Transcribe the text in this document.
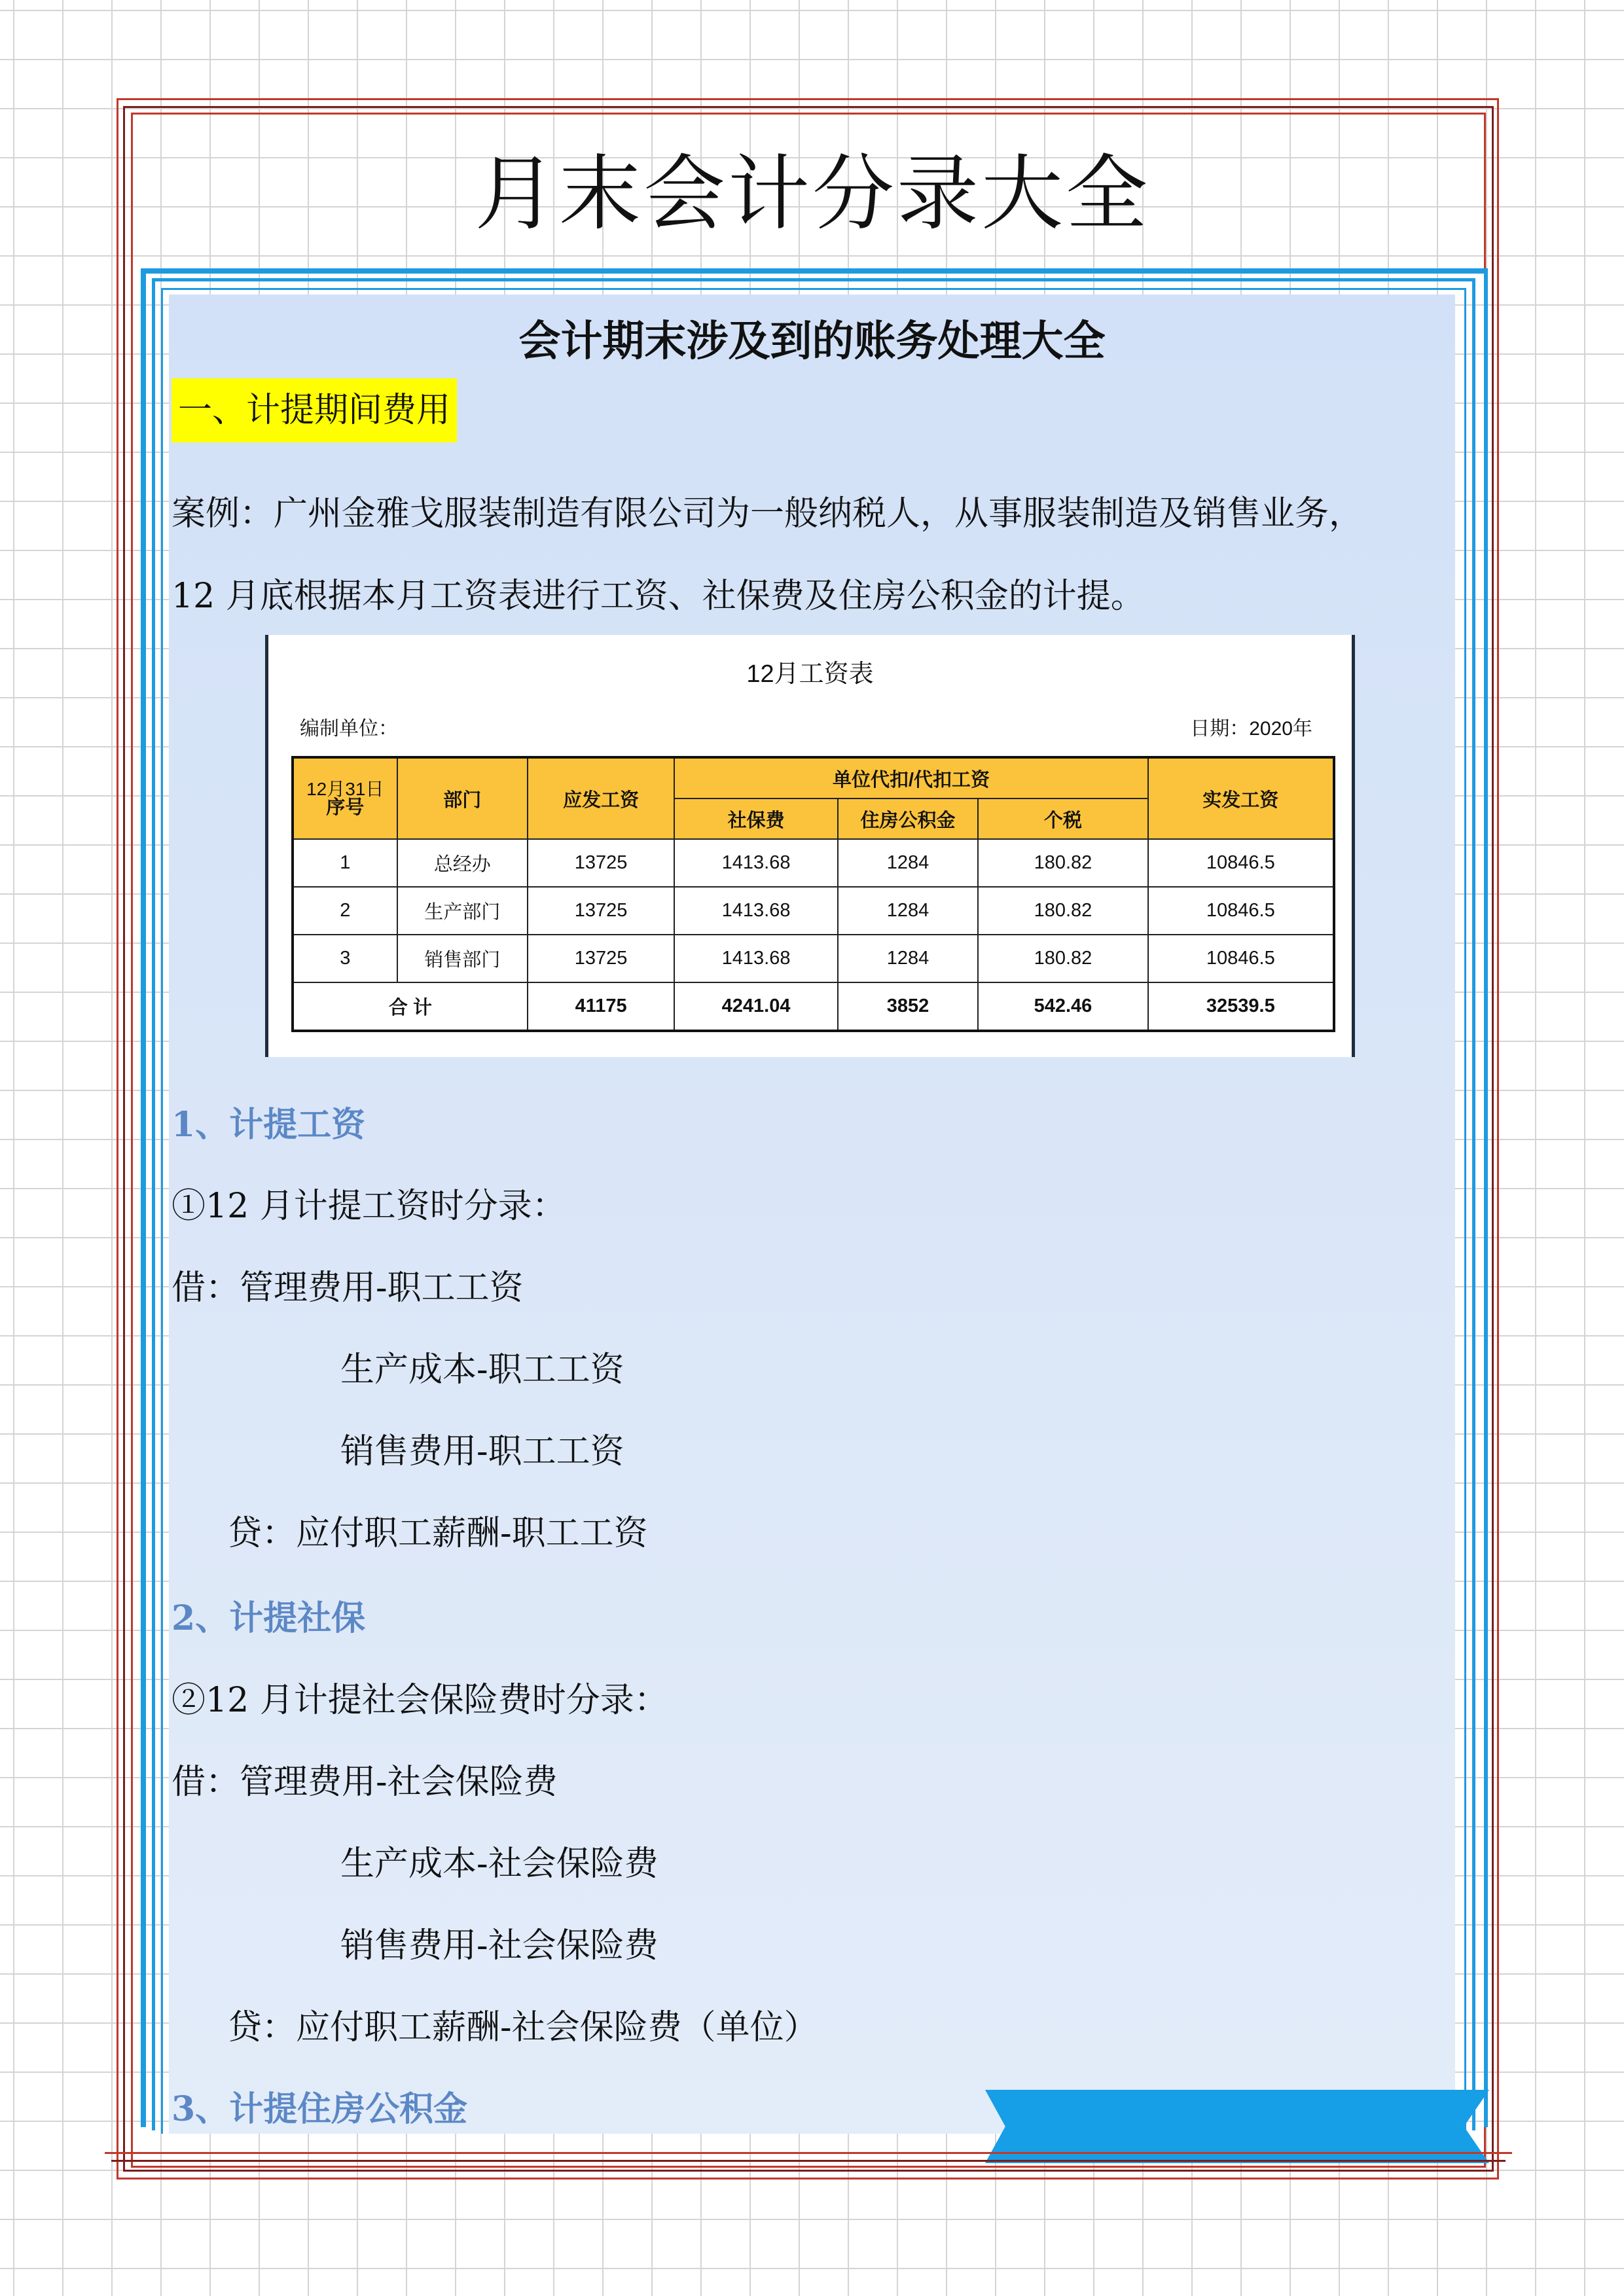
月末会计分录大全
会计期末涉及到的账务处理大全
一、计提期间费用
案例：广州金雅戈服装制造有限公司为一般纳税人，从事服装制造及销售业务，
12 月底根据本月工资表进行工资、社保费及住房公积金的计提。
12月工资表
编制单位：	日期：2020年
12月31日
序号	部门	应发工资	单位代扣/代扣工资			实发工资
			社保费	住房公积金	个税	
1	总经办	13725	1413.68	1284	180.82	10846.5
2	生产部门	13725	1413.68	1284	180.82	10846.5
3	销售部门	13725	1413.68	1284	180.82	10846.5
合 计		41175	4241.04	3852	542.46	32539.5
1、计提工资
①12 月计提工资时分录：
借：管理费用-职工工资
生产成本-职工工资
销售费用-职工工资
贷：应付职工薪酬-职工工资
2、计提社保
②12 月计提社会保险费时分录：
借：管理费用-社会保险费
生产成本-社会保险费
销售费用-社会保险费
贷：应付职工薪酬-社会保险费（单位）
3、计提住房公积金
